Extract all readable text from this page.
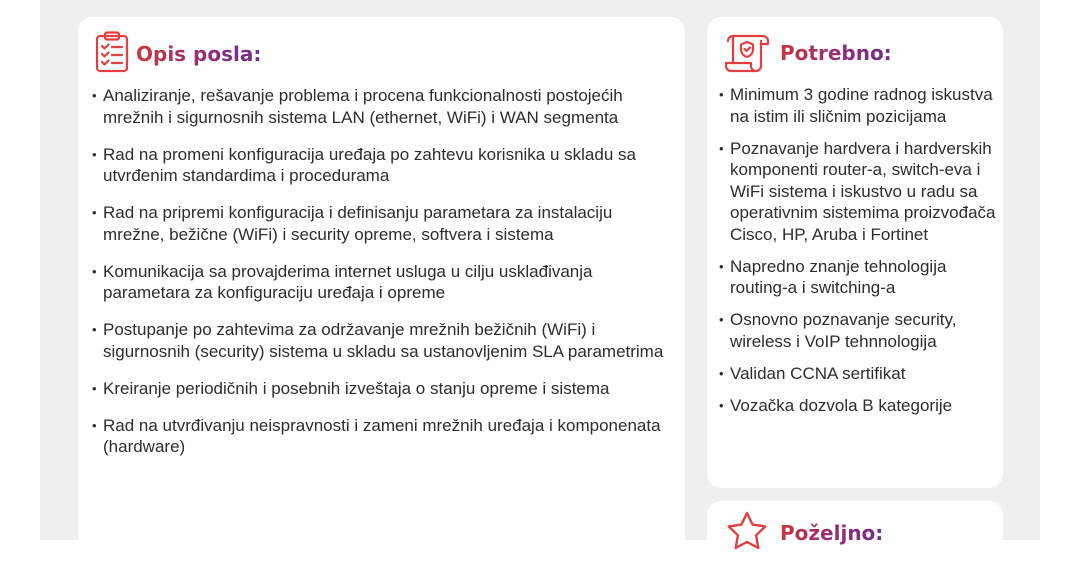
Opis posla:
• Analiziranje, rešavanje problema i procena funkcionalnosti postojećih mrežnih i sigurnosnih sistema LAN (ethernet, WiFi) i WAN segmenta
• Rad na promeni konfiguracija uređaja po zahtevu korisnika u skladu sa utvrđenim standardima i procedurama
• Rad na pripremi konfiguracija i definisanju parametara za instalaciju mrežne, bežične (WiFi) i security opreme, softvera i sistema
• Komunikacija sa provajderima internet usluga u cilju usklađivanja parametara za konfiguraciju uređaja i opreme
• Postupanje po zahtevima za održavanje mrežnih bežičnih (WiFi) i sigurnosnih (security) sistema u skladu sa ustanovljenim SLA parametrima
• Kreiranje periodičnih i posebnih izveštaja o stanju opreme i sistema
• Rad na utvrđivanju neispravnosti i zameni mrežnih uređaja i komponenata (hardware)
Potrebno:
• Minimum 3 godine radnog iskustva na istim ili sličnim pozicijama
• Poznavanje hardvera i hardverskih komponenti router-a, switch-eva i WiFi sistema i iskustvo u radu sa operativnim sistemima proizvođača Cisco, HP, Aruba i Fortinet
• Napredno znanje tehnologija routing-a i switching-a
• Osnovno poznavanje security, wireless i VoIP tehnnologija
• Validan CCNA sertifikat
• Vozačka dozvola B kategorije
Poželjno:
